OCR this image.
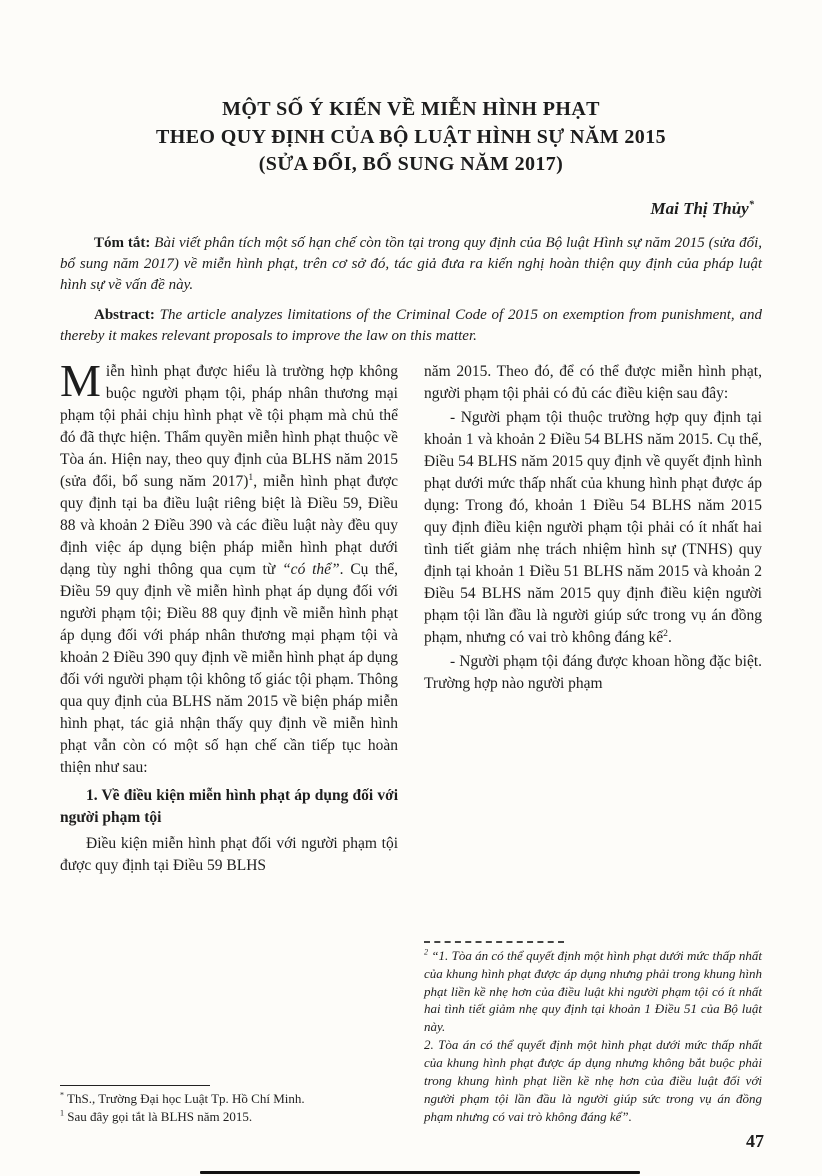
MỘT SỐ Ý KIẾN VỀ MIỄN HÌNH PHẠT
THEO QUY ĐỊNH CỦA BỘ LUẬT HÌNH SỰ NĂM 2015
(SỬA ĐỔI, BỔ SUNG NĂM 2017)
Mai Thị Thủy*

Tóm tắt: Bài viết phân tích một số hạn chế còn tồn tại trong quy định của Bộ luật Hình sự năm 2015 (sửa đổi, bổ sung năm 2017) về miễn hình phạt, trên cơ sở đó, tác giả đưa ra kiến nghị hoàn thiện quy định của pháp luật hình sự về vấn đề này.

Abstract: The article analyzes limitations of the Criminal Code of 2015 on exemption from punishment, and thereby it makes relevant proposals to improve the law on this matter.

Miễn hình phạt được hiểu là trường hợp không buộc người phạm tội, pháp nhân thương mại phạm tội phải chịu hình phạt về tội phạm mà chủ thể đó đã thực hiện. Thẩm quyền miễn hình phạt thuộc về Tòa án. Hiện nay, theo quy định của BLHS năm 2015 (sửa đổi, bổ sung năm 2017)$^1$, miễn hình phạt được quy định tại ba điều luật riêng biệt là Điều 59, Điều 88 và khoản 2 Điều 390 và các điều luật này đều quy định việc áp dụng biện pháp miễn hình phạt dưới dạng tùy nghi thông qua cụm từ “có thể”. Cụ thể, Điều 59 quy định về miễn hình phạt áp dụng đối với người phạm tội; Điều 88 quy định về miễn hình phạt áp dụng đối với pháp nhân thương mại phạm tội và khoản 2 Điều 390 quy định về miễn hình phạt áp dụng đối với người phạm tội không tố giác tội phạm. Thông qua quy định của BLHS năm 2015 về biện pháp miễn hình phạt, tác giả nhận thấy quy định về miễn hình phạt vẫn còn có một số hạn chế cần tiếp tục hoàn thiện như sau:

1. Về điều kiện miễn hình phạt áp dụng đối với người phạm tội

Điều kiện miễn hình phạt đối với người phạm tội được quy định tại Điều 59 BLHS

* ThS., Trường Đại học Luật Tp. Hồ Chí Minh.

$^1$ Sau đây gọi tắt là BLHS năm 2015.

năm 2015. Theo đó, để có thể được miễn hình phạt, người phạm tội phải có đủ các điều kiện sau đây:

- Người phạm tội thuộc trường hợp quy định tại khoản 1 và khoản 2 Điều 54 BLHS năm 2015. Cụ thể, Điều 54 BLHS năm 2015 quy định về quyết định hình phạt dưới mức thấp nhất của khung hình phạt được áp dụng: Trong đó, khoản 1 Điều 54 BLHS năm 2015 quy định điều kiện người phạm tội phải có ít nhất hai tình tiết giảm nhẹ trách nhiệm hình sự (TNHS) quy định tại khoản 1 Điều 51 BLHS năm 2015 và khoản 2 Điều 54 BLHS năm 2015 quy định điều kiện người phạm tội lần đầu là người giúp sức trong vụ án đồng phạm, nhưng có vai trò không đáng kể$^2$.

- Người phạm tội đáng được khoan hồng đặc biệt. Trường hợp nào người phạm

$^2$ “1. Tòa án có thể quyết định một hình phạt dưới mức thấp nhất của khung hình phạt được áp dụng nhưng phải trong khung hình phạt liền kề nhẹ hơn của điều luật khi người phạm tội có ít nhất hai tình tiết giảm nhẹ quy định tại khoản 1 Điều 51 của Bộ luật này.

2. Tòa án có thể quyết định một hình phạt dưới mức thấp nhất của khung hình phạt được áp dụng nhưng không bắt buộc phải trong khung hình phạt liền kề nhẹ hơn của điều luật đối với người phạm tội lần đầu là người giúp sức trong vụ án đồng phạm nhưng có vai trò không đáng kể”.

47
